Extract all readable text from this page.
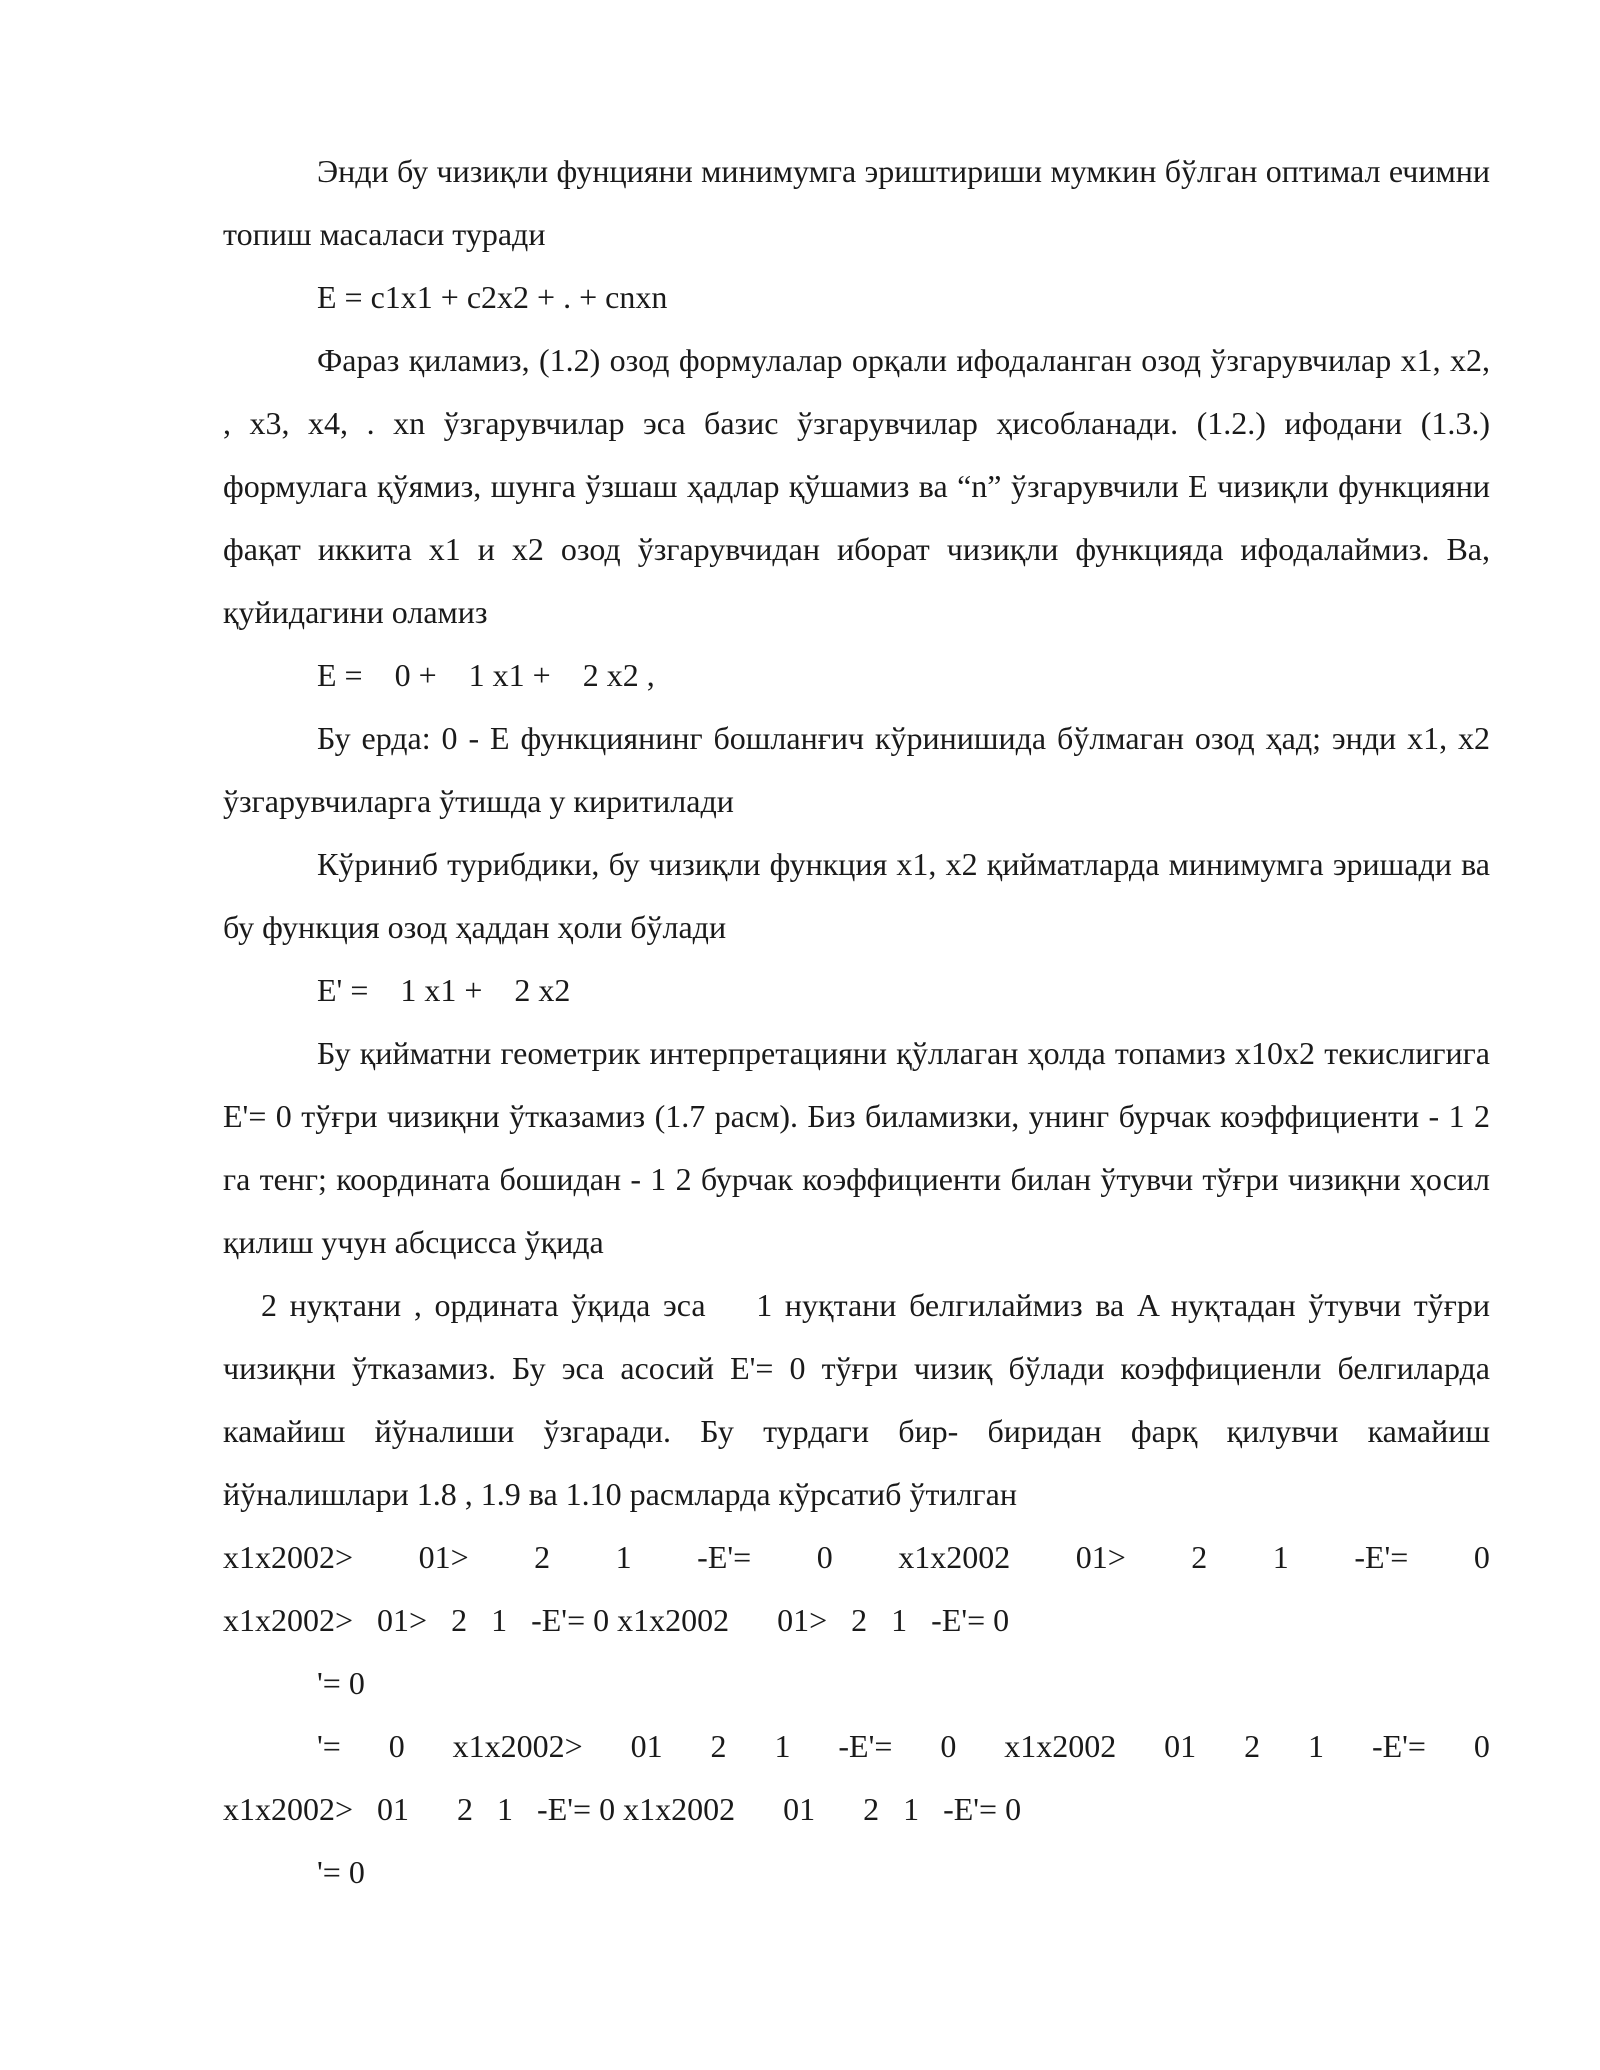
Энди бу чизиқли фунцияни минимумга эриштириши мумкин бўлган оптимал ечимни топиш масаласи туради

E = c1x1 + c2x2 + . + cnxn

Фараз қиламиз, (1.2) озод формулалар орқали ифодаланган озод ўзгарувчилар x1, x2, , x3, x4, . xn ўзгарувчилар эса базис ўзгарувчилар ҳисобланади. (1.2.) ифодани (1.3.) формулага қўямиз, шунга ўзшаш ҳадлар қўшамиз ва “n” ўзгарувчили E чизиқли функцияни фақат иккита x1 и x2 озод ўзгарувчидан иборат чизиқли функцияда ифодалаймиз. Ва, қуйидагини оламиз

E =    0 +    1 x1 +    2 x2 ,

Бу ерда: 0 - E функциянинг бошланғич кўринишида бўлмаган озод ҳад; энди x1, x2 ўзгарувчиларга ўтишда у киритилади

Кўриниб турибдики, бу чизиқли функция x1, x2 қийматларда минимумга эришади ва бу функция озод ҳаддан ҳоли бўлади

E' =    1 x1 +    2 x2

Бу қийматни геометрик интерпретацияни қўллаган ҳолда топамиз x10x2 текислигига E'= 0 тўғри чизиқни ўтказамиз (1.7 расм). Биз биламизки, унинг бурчак коэффициенти - 1 2 га тенг; координата бошидан - 1 2 бурчак коэффициенти билан ўтувчи тўғри чизиқни ҳосил қилиш учун абсцисса ўқида

2 нуқтани , ордината ўқида эса    1 нуқтани белгилаймиз ва A нуқтадан ўтувчи тўғри чизиқни ўтказамиз. Бу эса асосий E'= 0 тўғри чизиқ бўлади коэффициенли белгиларда камайиш йўналиши ўзгаради. Бу турдаги бир- биридан фарқ қилувчи камайиш йўналишлари 1.8 , 1.9 ва 1.10 расмларда кўрсатиб ўтилган

x1x2002> 01> 2 1 -E'= 0 x1x2002 01> 2 1 -E'= 0
x1x2002>   01>   2   1   -E'= 0 x1x2002      01>   2   1   -E'= 0
'= 0
'= 0 x1x2002> 01 2 1 -E'= 0 x1x2002 01 2 1 -E'= 0
x1x2002>   01      2   1   -E'= 0 x1x2002      01      2   1   -E'= 0
'= 0
